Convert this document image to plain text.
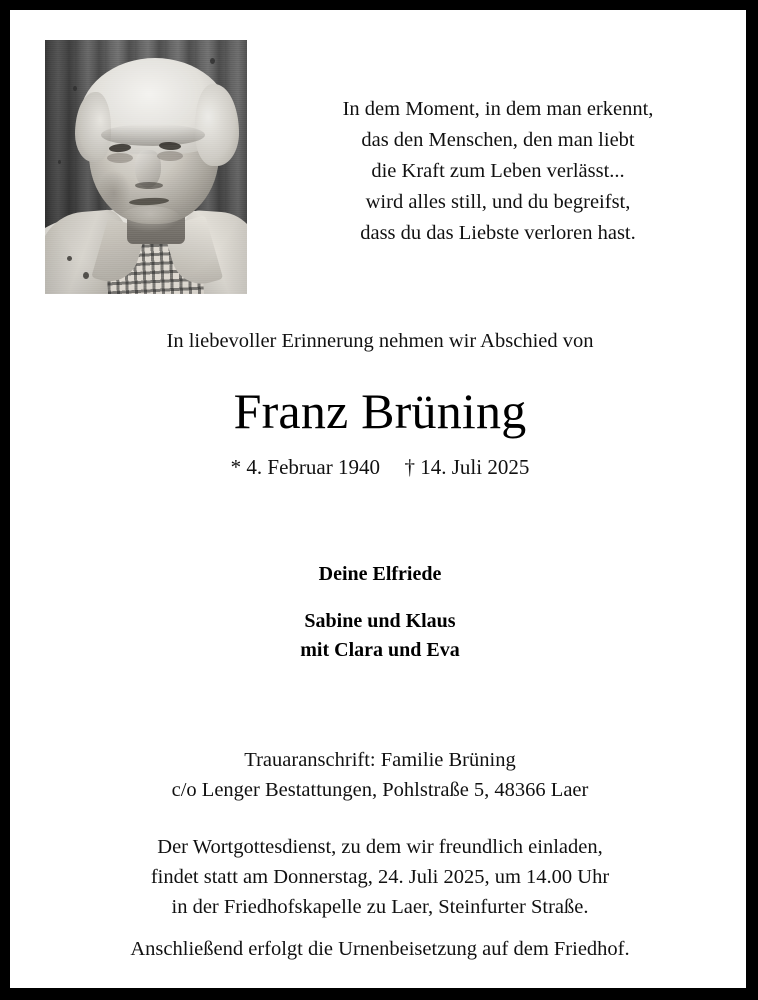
In dem Moment, in dem man erkennt,
das den Menschen, den man liebt
die Kraft zum Leben verlässt...
wird alles still, und du begreifst,
dass du das Liebste verloren hast.
In liebevoller Erinnerung nehmen wir Abschied von
Franz Brüning
* 4. Februar 1940 † 14. Juli 2025
Deine Elfriede
Sabine und Klaus
mit Clara und Eva
Trauaranschrift: Familie Brüning
c/o Lenger Bestattungen, Pohlstraße 5, 48366 Laer
Der Wortgottesdienst, zu dem wir freundlich einladen,
findet statt am Donnerstag, 24. Juli 2025, um 14.00 Uhr
in der Friedhofskapelle zu Laer, Steinfurter Straße.
Anschließend erfolgt die Urnenbeisetzung auf dem Friedhof.
